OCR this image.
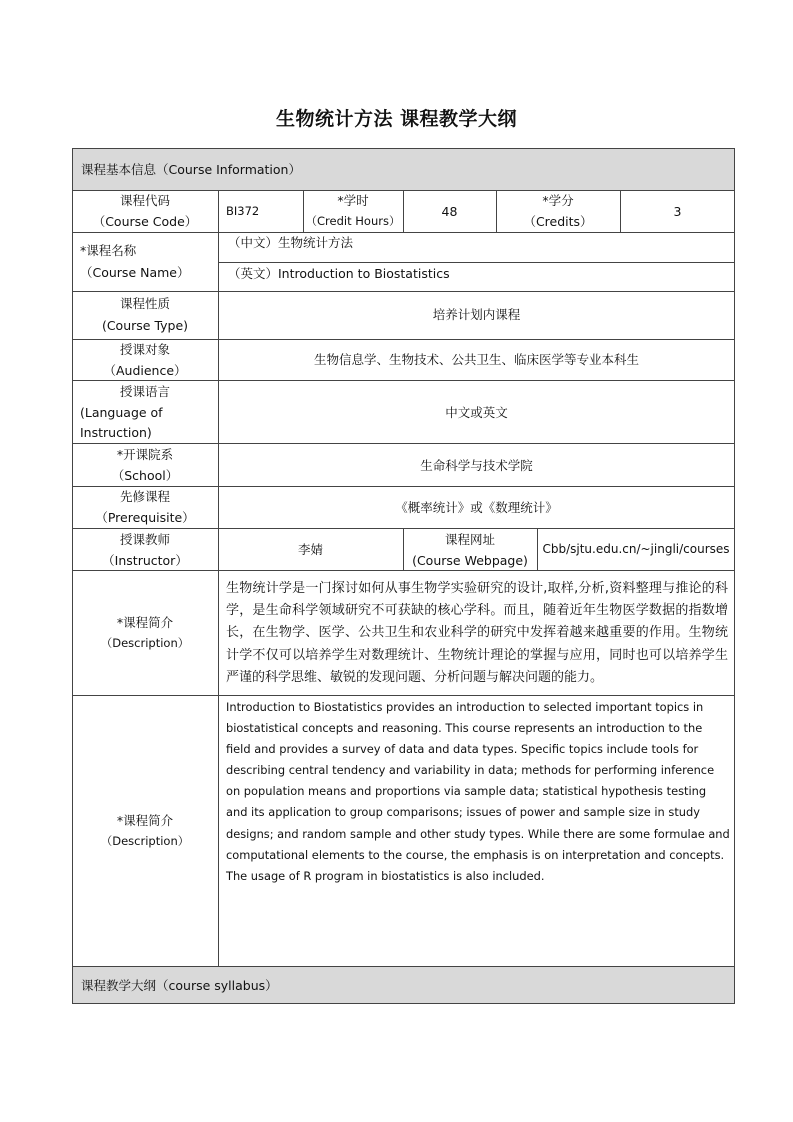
生物统计方法 课程教学大纲
课程基本信息（Course Information）
课程代码
（Course Code）
BI372
*学时
（Credit Hours）
48
*学分
（Credits）
3
*课程名称
（Course Name）
（中文）生物统计方法
（英文）Introduction to Biostatistics
课程性质
(Course Type)
培养计划内课程
授课对象
（Audience）
生物信息学、生物技术、公共卫生、临床医学等专业本科生
授课语言
(Language of
Instruction)
中文或英文
*开课院系
（School）
生命科学与技术学院
先修课程
（Prerequisite）
《概率统计》或《数理统计》
授课教师
（Instructor）
李婧
课程网址
(Course Webpage)
Cbb/sjtu.edu.cn/~jingli/courses
*课程简介
（Description）
生物统计学是一门探讨如何从事生物学实验研究的设计,取样,分析,资料整理与推论的科学，是生命科学领域研究不可获缺的核心学科。而且，随着近年生物医学数据的指数增长，在生物学、医学、公共卫生和农业科学的研究中发挥着越来越重要的作用。生物统计学不仅可以培养学生对数理统计、生物统计理论的掌握与应用，同时也可以培养学生严谨的科学思维、敏锐的发现问题、分析问题与解决问题的能力。
*课程简介
（Description）
Introduction to Biostatistics provides an introduction to selected important topics in biostatistical concepts and reasoning. This course represents an introduction to the field and provides a survey of data and data types. Specific topics include tools for describing central tendency and variability in data; methods for performing inference on population means and proportions via sample data; statistical hypothesis testing and its application to group comparisons; issues of power and sample size in study designs; and random sample and other study types. While there are some formulae and computational elements to the course, the emphasis is on interpretation and concepts. The usage of R program in biostatistics is also included.
课程教学大纲（course syllabus）
